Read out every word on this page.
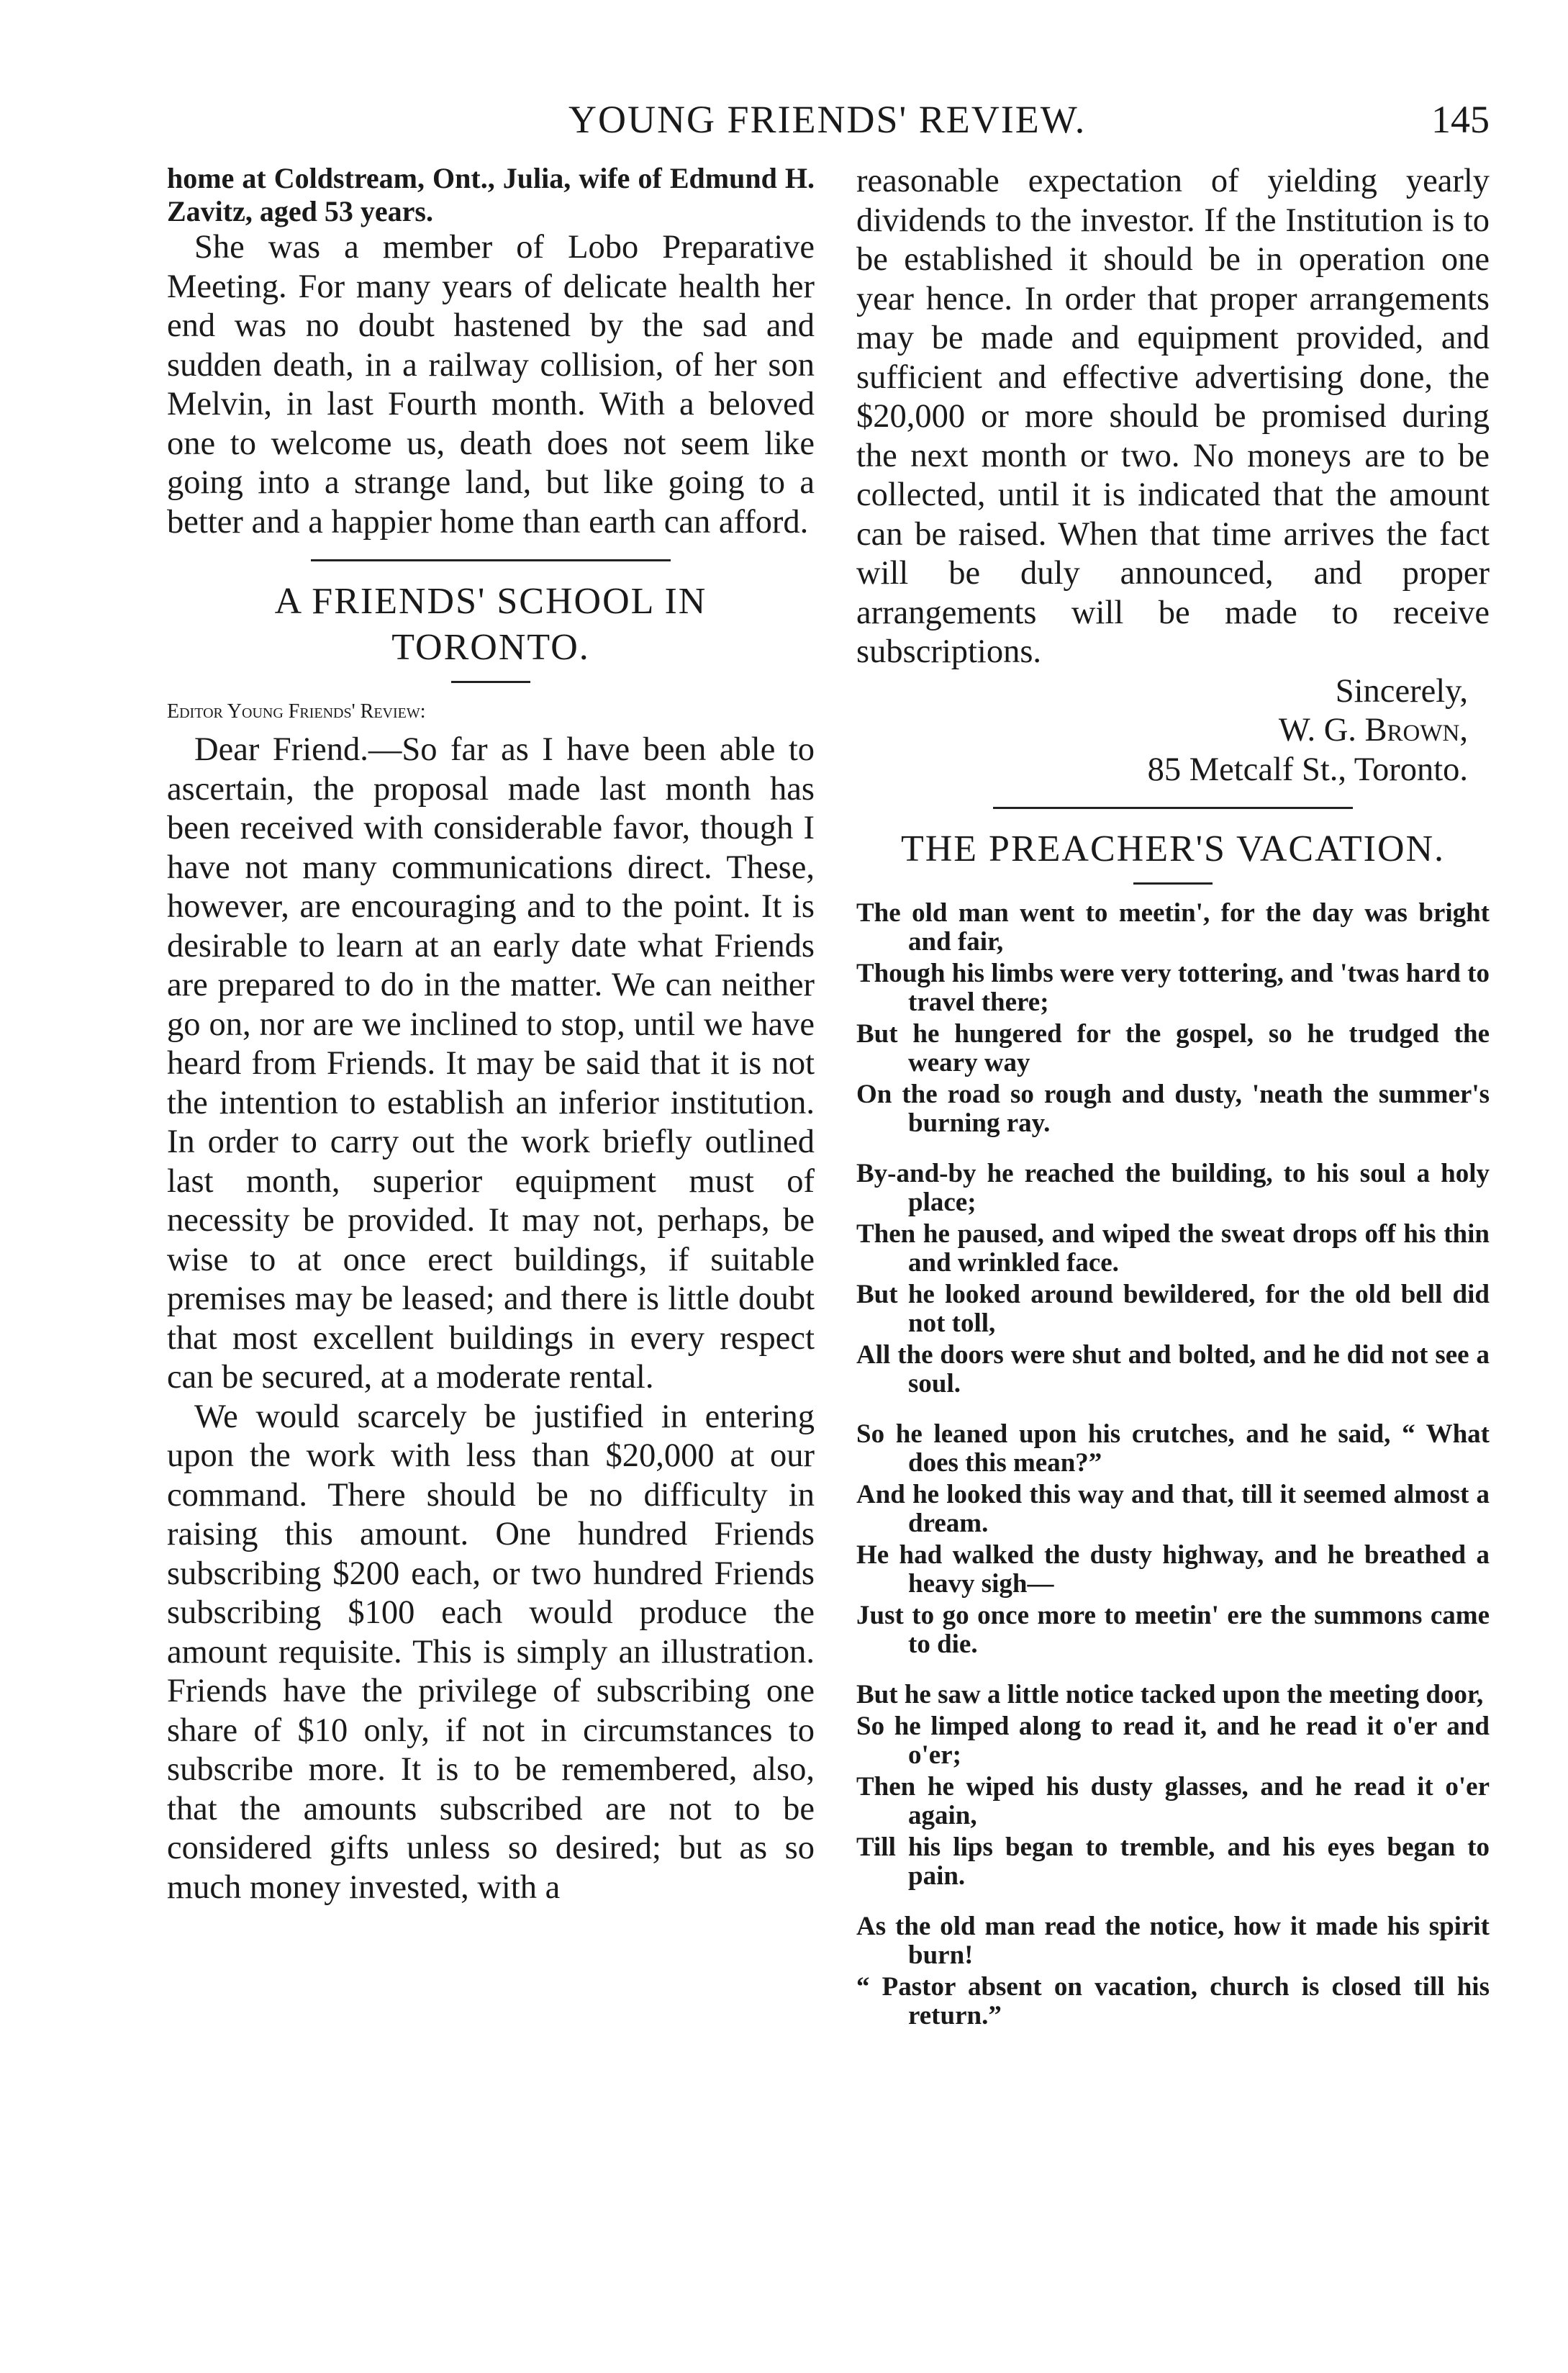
YOUNG FRIENDS' REVIEW.	145

home at Coldstream, Ont., Julia, wife of Edmund H. Zavitz, aged 53 years.

She was a member of Lobo Preparative Meeting. For many years of delicate health her end was no doubt hastened by the sad and sudden death, in a railway collision, of her son Melvin, in last Fourth month. With a beloved one to welcome us, death does not seem like going into a strange land, but like going to a better and a happier home than earth can afford.

A FRIENDS' SCHOOL IN
TORONTO.
Editor Young Friends' Review:

Dear Friend.—So far as I have been able to ascertain, the proposal made last month has been received with considerable favor, though I have not many communications direct. These, however, are encouraging and to the point. It is desirable to learn at an early date what Friends are prepared to do in the matter. We can neither go on, nor are we inclined to stop, until we have heard from Friends. It may be said that it is not the intention to establish an inferior institution. In order to carry out the work briefly outlined last month, superior equipment must of necessity be provided. It may not, perhaps, be wise to at once erect buildings, if suitable premises may be leased; and there is little doubt that most excellent buildings in every respect can be secured, at a moderate rental.

We would scarcely be justified in entering upon the work with less than $20,000 at our command. There should be no difficulty in raising this amount. One hundred Friends subscribing $200 each, or two hundred Friends subscribing $100 each would produce the amount requisite. This is simply an illustration. Friends have the privilege of subscribing one share of $10 only, if not in circumstances to subscribe more. It is to be remembered, also, that the amounts subscribed are not to be considered gifts unless so desired; but as so much money invested, with a

reasonable expectation of yielding yearly dividends to the investor. If the Institution is to be established it should be in operation one year hence. In order that proper arrangements may be made and equipment provided, and sufficient and effective advertising done, the $20,000 or more should be promised during the next month or two. No moneys are to be collected, until it is indicated that the amount can be raised. When that time arrives the fact will be duly announced, and proper arrangements will be made to receive subscriptions.

Sincerely,

W. G. Brown,

85 Metcalf St., Toronto.

THE PREACHER'S VACATION.

The old man went to meetin', for the day was bright and fair,

Though his limbs were very tottering, and 'twas hard to travel there;

But he hungered for the gospel, so he trudged the weary way

On the road so rough and dusty, 'neath the summer's burning ray.

By-and-by he reached the building, to his soul a holy place;

Then he paused, and wiped the sweat drops off his thin and wrinkled face.

But he looked around bewildered, for the old bell did not toll,

All the doors were shut and bolted, and he did not see a soul.

So he leaned upon his crutches, and he said, “ What does this mean?”

And he looked this way and that, till it seemed almost a dream.

He had walked the dusty highway, and he breathed a heavy sigh—

Just to go once more to meetin' ere the summons came to die.

But he saw a little notice tacked upon the meeting door,

So he limped along to read it, and he read it o'er and o'er;

Then he wiped his dusty glasses, and he read it o'er again,

Till his lips began to tremble, and his eyes began to pain.

As the old man read the notice, how it made his spirit burn!

“ Pastor absent on vacation, church is closed till his return.”
